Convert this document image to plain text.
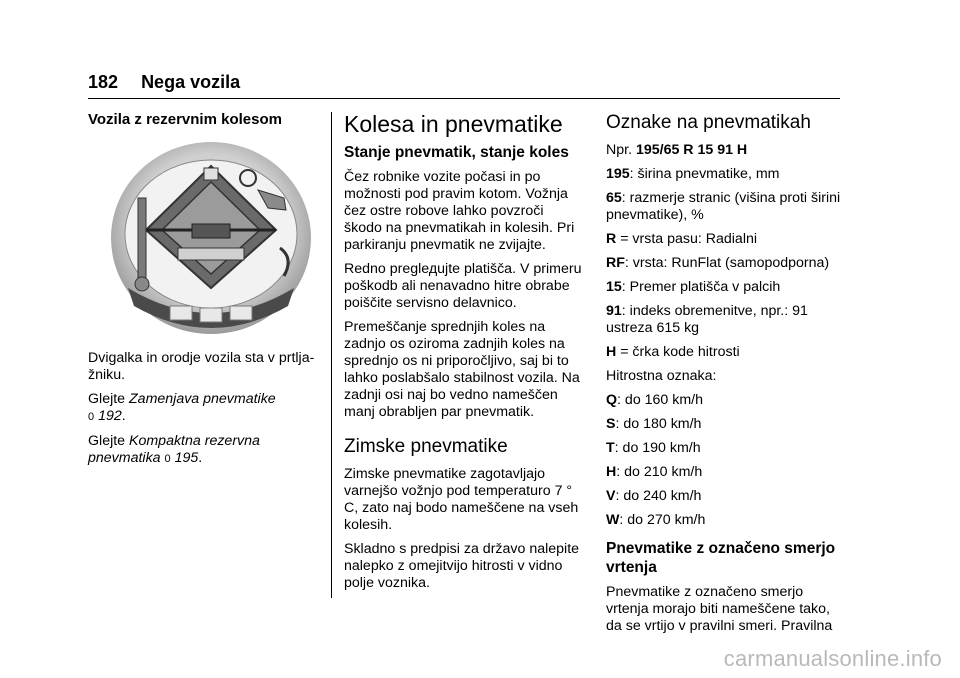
182 Nega vozila
Vozila z rezervnim kolesom

Dvigalka in orodje vozila sta v prtlja‐ žniku.

Glejte Zamenjava pnevmatike
0 192.

Glejte Kompaktna rezervna pnevmatika 0 195.

Kolesa in pnevmatike
Stanje pnevmatik, stanje koles

Čez robnike vozite počasi in po možnosti pod pravim kotom. Vožnja čez ostre robove lahko povzroči škodo na pnevmatikah in kolesih. Pri parkiranju pnevmatik ne zvijajte.

Redno preglедujte platišča. V primeru poškodb ali nenavadno hitre obrabe poiščite servisno delavnico.

Premeščanje sprednjih koles na zadnjo os oziroma zadnjih koles na sprednjo os ni priporočljivo, saj bi to lahko poslabšalo stabilnost vozila. Na zadnji osi naj bo vedno nameščen manj obrabljen par pnevmatik.

Zimske pnevmatike

Zimske pnevmatike zagotavljajo varnejšo vožnjo pod temperaturo 7 ° C, zato naj bodo nameščene na vseh kolesih.

Skladno s predpisi za državo nalepite nalepko z omejitvijo hitrosti v vidno polje voznika.

Oznake na pnevmatikah

Npr. 195/65 R 15 91 H

195: širina pnevmatike, mm

65: razmerje stranic (višina proti širini pnevmatike), %

R = vrsta pasu: Radialni

RF: vrsta: RunFlat (samopodporna)

15: Premer platišča v palcih

91: indeks obremenitve, npr.: 91 ustreza 615 kg

H = črka kode hitrosti

Hitrostna oznaka:

Q: do 160 km/h

S: do 180 km/h

T: do 190 km/h

H: do 210 km/h

V: do 240 km/h

W: do 270 km/h

Pnevmatike z označeno smerjo vrtenja

Pnevmatike z označeno smerjo vrtenja morajo biti nameščene tako, da se vrtijo v pravilni smeri. Pravilna

carmanualsonline.info
